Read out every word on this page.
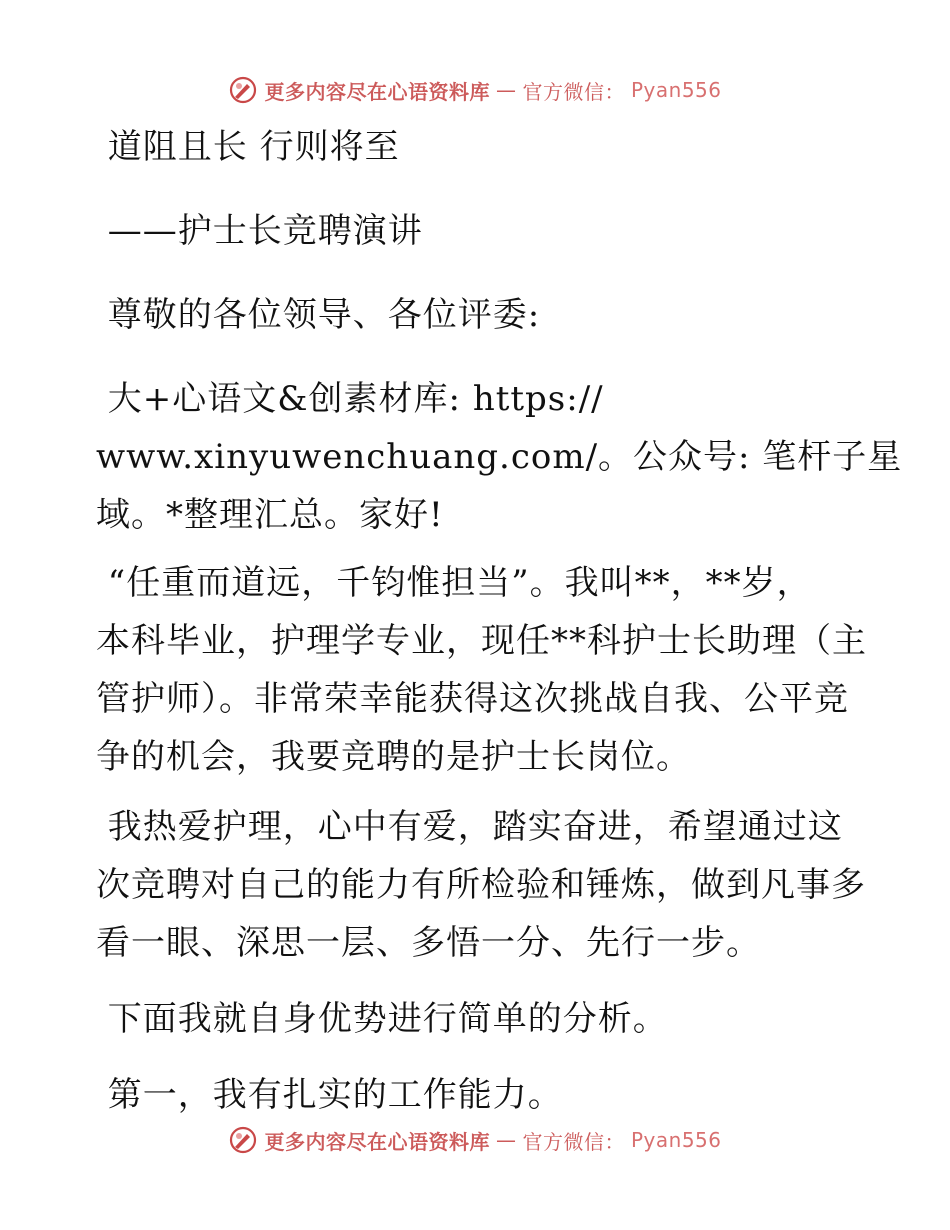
更多内容尽在心语资料库 — 官方微信： Pyan556

道阻且长 行则将至

——护士长竞聘演讲

尊敬的各位领导、各位评委:

大+心语文&创素材库: https://

www.xinyuwenchuang.com/。公众号: 笔杆子星

域。*整理汇总。家好!

“任重而道远，千钧惟担当”。我叫**，**岁，

本科毕业，护理学专业，现任**科护士长助理（主

管护师）。非常荣幸能获得这次挑战自我、公平竞

争的机会，我要竞聘的是护士长岗位。

我热爱护理，心中有爱，踏实奋进，希望通过这

次竞聘对自己的能力有所检验和锤炼，做到凡事多

看一眼、深思一层、多悟一分、先行一步。

下面我就自身优势进行简单的分析。

第一，我有扎实的工作能力。

更多内容尽在心语资料库 — 官方微信： Pyan556
